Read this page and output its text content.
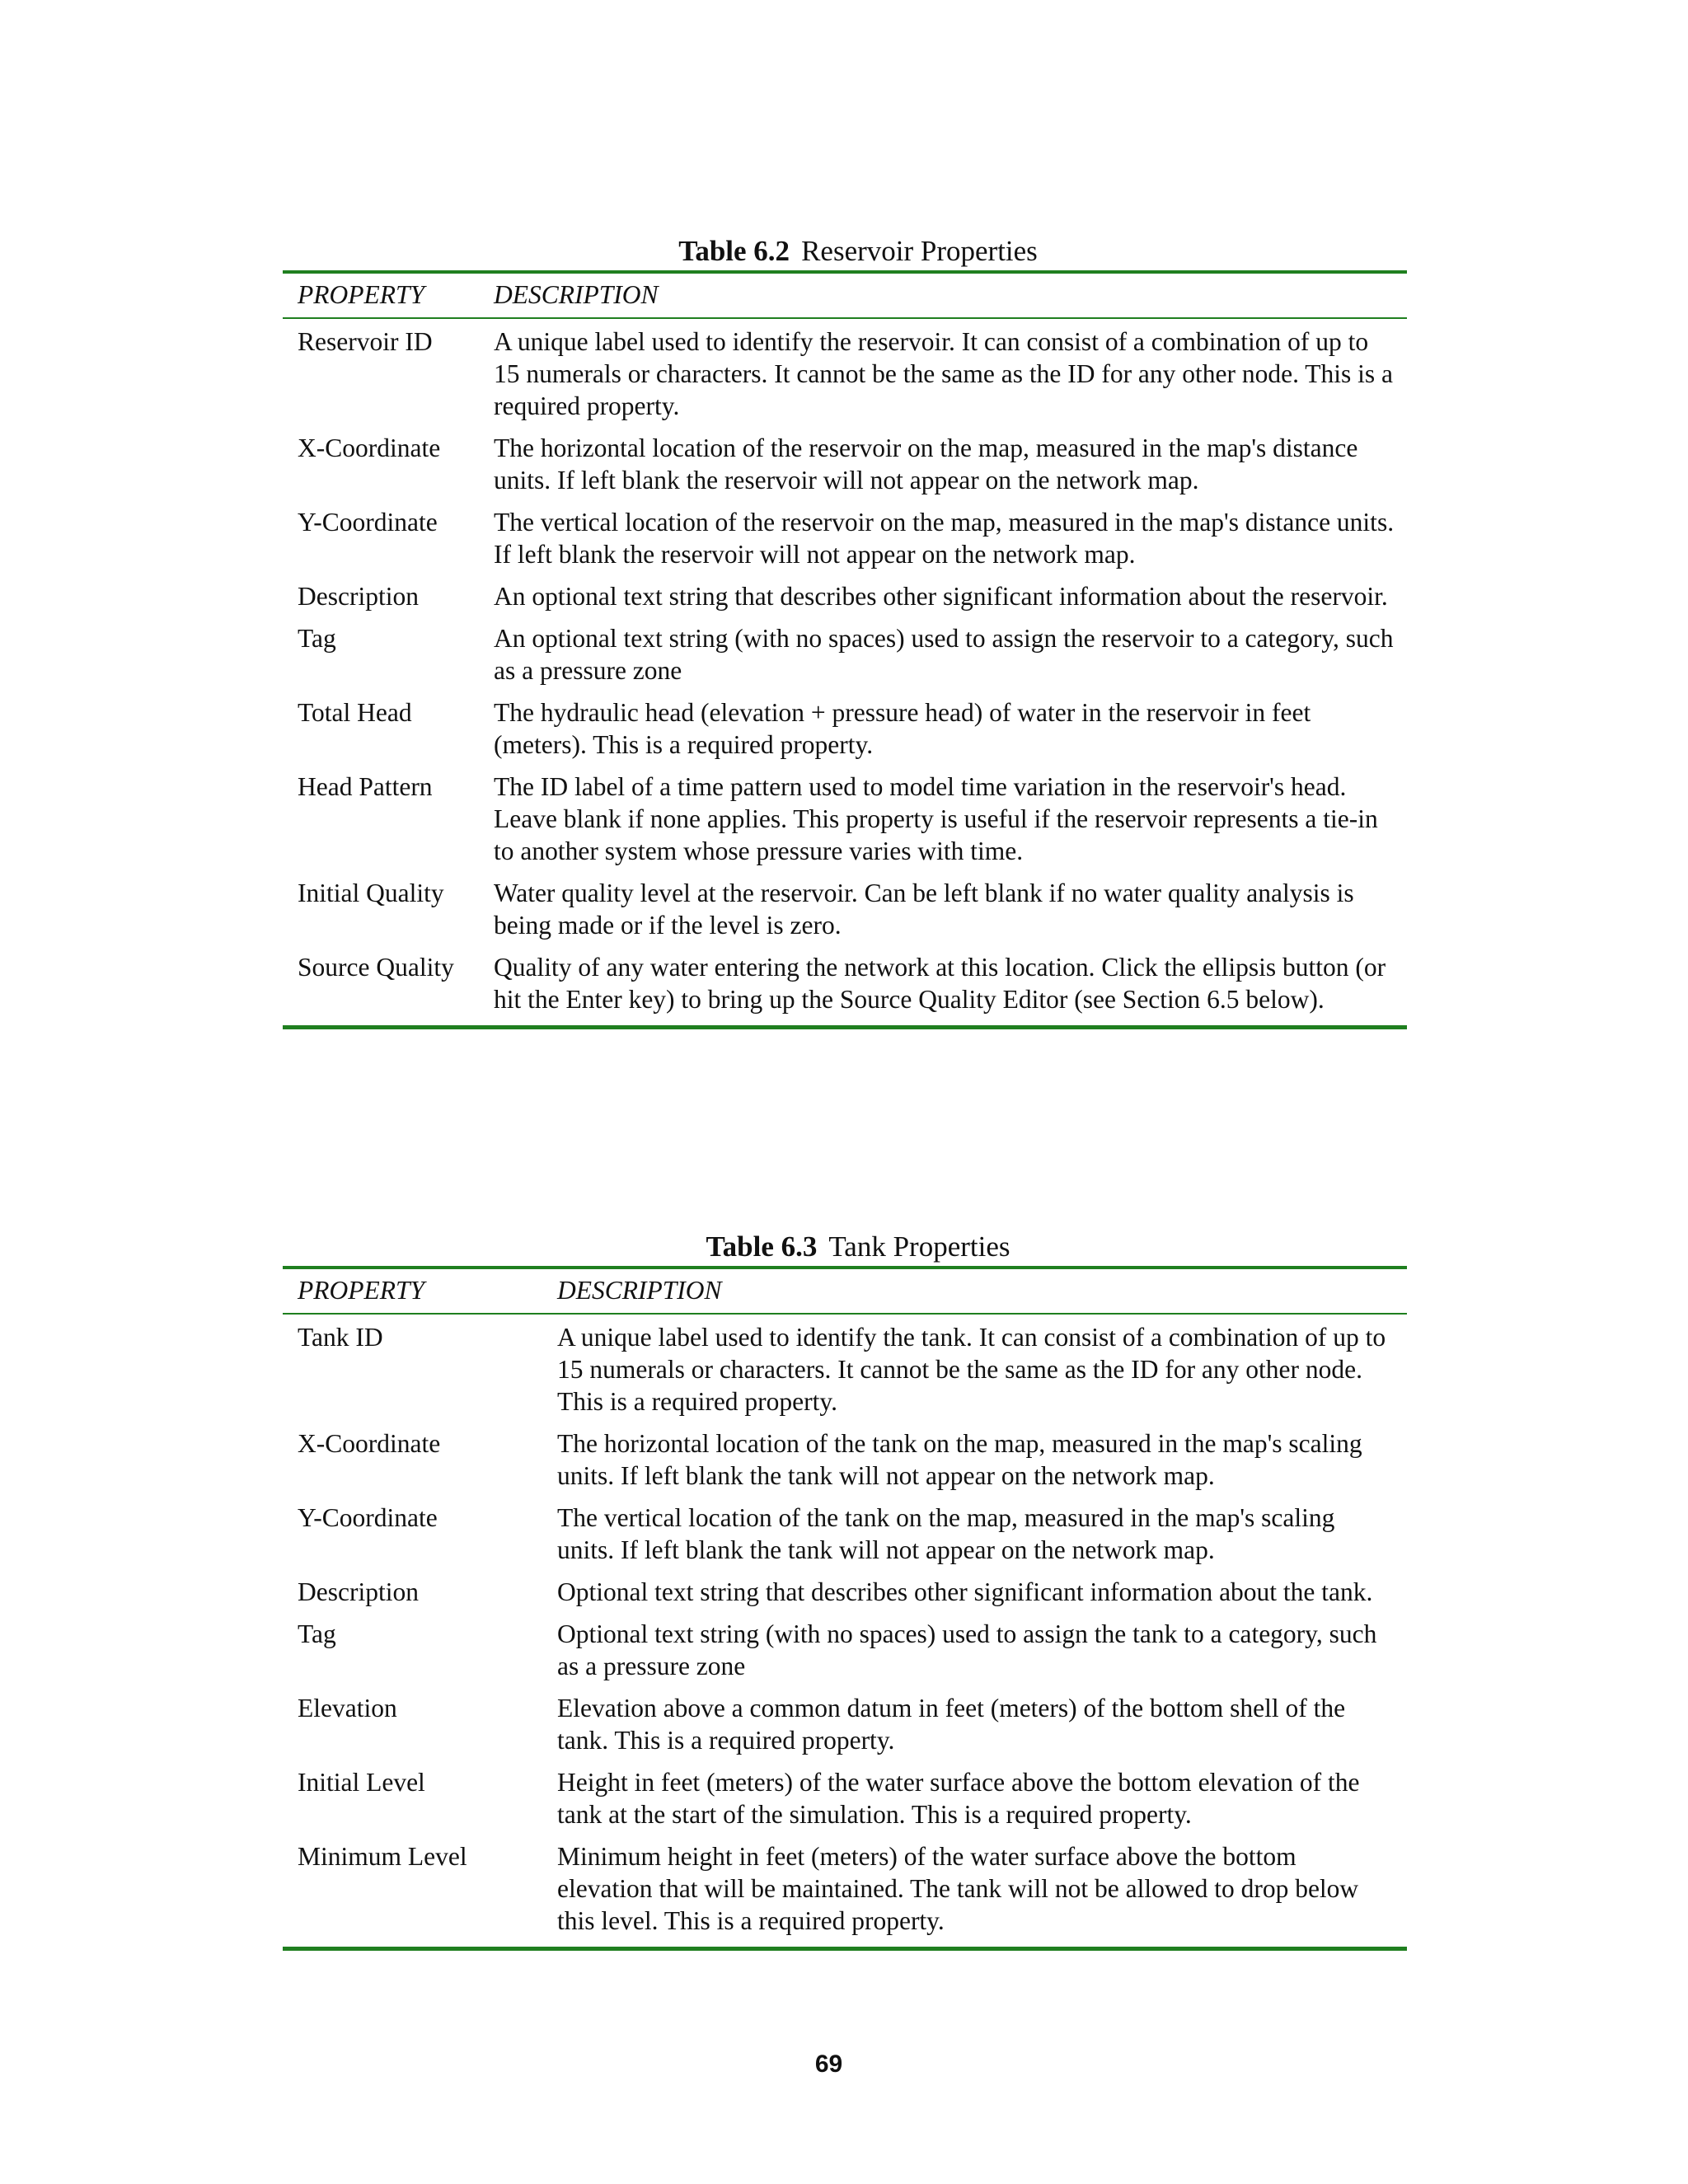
Table 6.2 Reservoir Properties
PROPERTY	DESCRIPTION
Reservoir ID	A unique label used to identify the reservoir. It can consist of a combination of up to 15 numerals or characters. It cannot be the same as the ID for any other node. This is a required property.
X-Coordinate	The horizontal location of the reservoir on the map, measured in the map's distance units. If left blank the reservoir will not appear on the network map.
Y-Coordinate	The vertical location of the reservoir on the map, measured in the map's distance units. If left blank the reservoir will not appear on the network map.
Description	An optional text string that describes other significant information about the reservoir.
Tag	An optional text string (with no spaces) used to assign the reservoir to a category, such as a pressure zone
Total Head	The hydraulic head (elevation + pressure head) of water in the reservoir in feet (meters). This is a required property.
Head Pattern	The ID label of a time pattern used to model time variation in the reservoir's head. Leave blank if none applies. This property is useful if the reservoir represents a tie-in to another system whose pressure varies with time.
Initial Quality	Water quality level at the reservoir. Can be left blank if no water quality analysis is being made or if the level is zero.
Source Quality	Quality of any water entering the network at this location. Click the ellipsis button (or hit the Enter key) to bring up the Source Quality Editor (see Section 6.5 below).
Table 6.3 Tank Properties
PROPERTY	DESCRIPTION
Tank ID	A unique label used to identify the tank. It can consist of a combination of up to 15 numerals or characters. It cannot be the same as the ID for any other node. This is a required property.
X-Coordinate	The horizontal location of the tank on the map, measured in the map's scaling units. If left blank the tank will not appear on the network map.
Y-Coordinate	The vertical location of the tank on the map, measured in the map's scaling units. If left blank the tank will not appear on the network map.
Description	Optional text string that describes other significant information about the tank.
Tag	Optional text string (with no spaces) used to assign the tank to a category, such as a pressure zone
Elevation	Elevation above a common datum in feet (meters) of the bottom shell of the tank. This is a required property.
Initial Level	Height in feet (meters) of the water surface above the bottom elevation of the tank at the start of the simulation. This is a required property.
Minimum Level	Minimum height in feet (meters) of the water surface above the bottom elevation that will be maintained. The tank will not be allowed to drop below this level. This is a required property.
69
